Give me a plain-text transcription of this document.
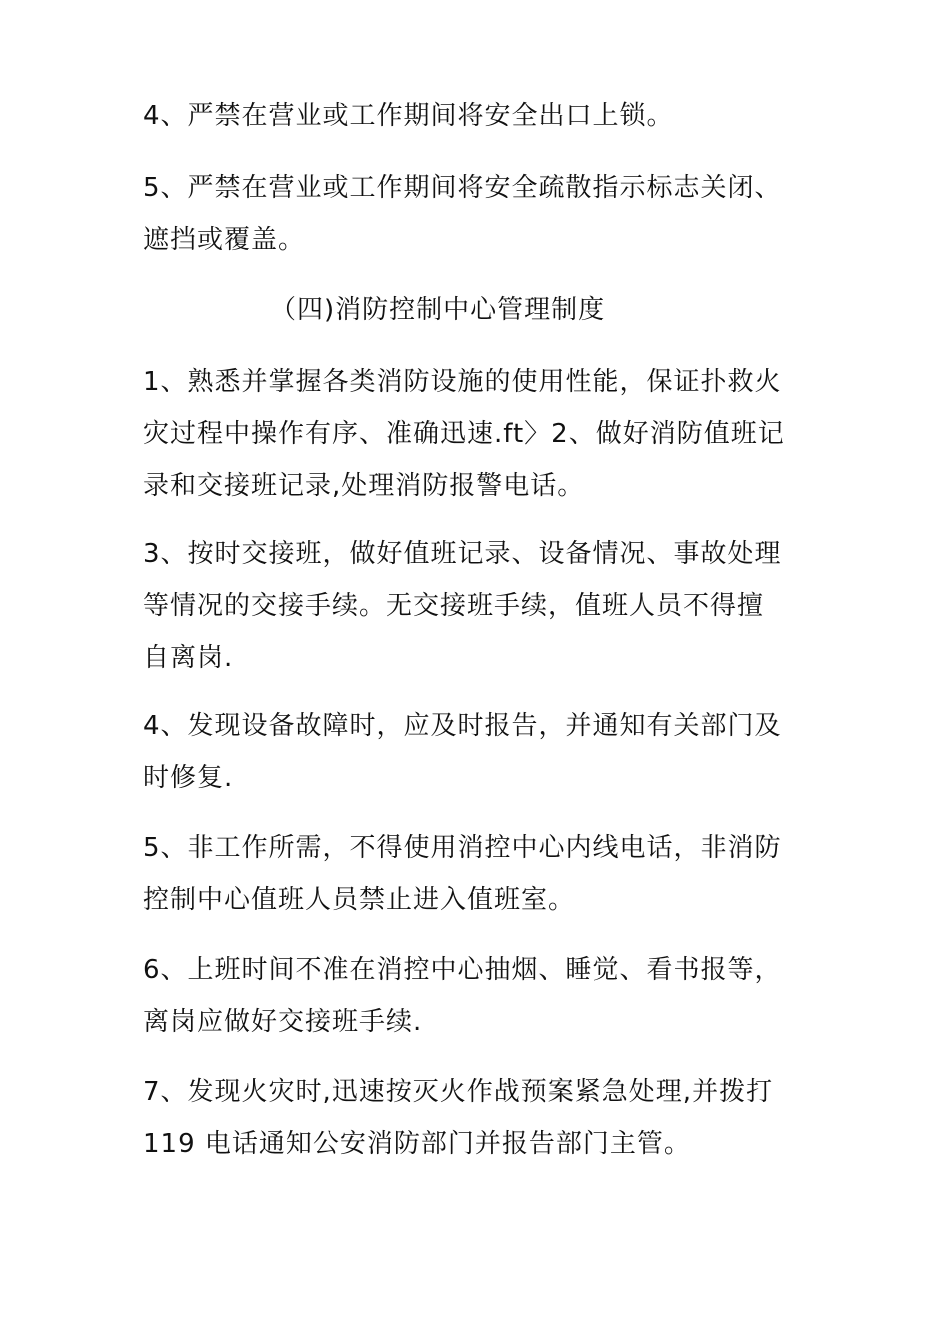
4、严禁在营业或工作期间将安全出口上锁。

5、严禁在营业或工作期间将安全疏散指示标志关闭、
遮挡或覆盖。

（四)消防控制中心管理制度

1、熟悉并掌握各类消防设施的使用性能，保证扑救火
灾过程中操作有序、准确迅速.ft〉2、做好消防值班记
录和交接班记录,处理消防报警电话。

3、按时交接班，做好值班记录、设备情况、事故处理
等情况的交接手续。无交接班手续，值班人员不得擅
自离岗.

4、发现设备故障时，应及时报告，并通知有关部门及
时修复.

5、非工作所需，不得使用消控中心内线电话，非消防
控制中心值班人员禁止进入值班室。

6、上班时间不准在消控中心抽烟、睡觉、看书报等，
离岗应做好交接班手续.

7、发现火灾时,迅速按灭火作战预案紧急处理,并拨打
119 电话通知公安消防部门并报告部门主管。
